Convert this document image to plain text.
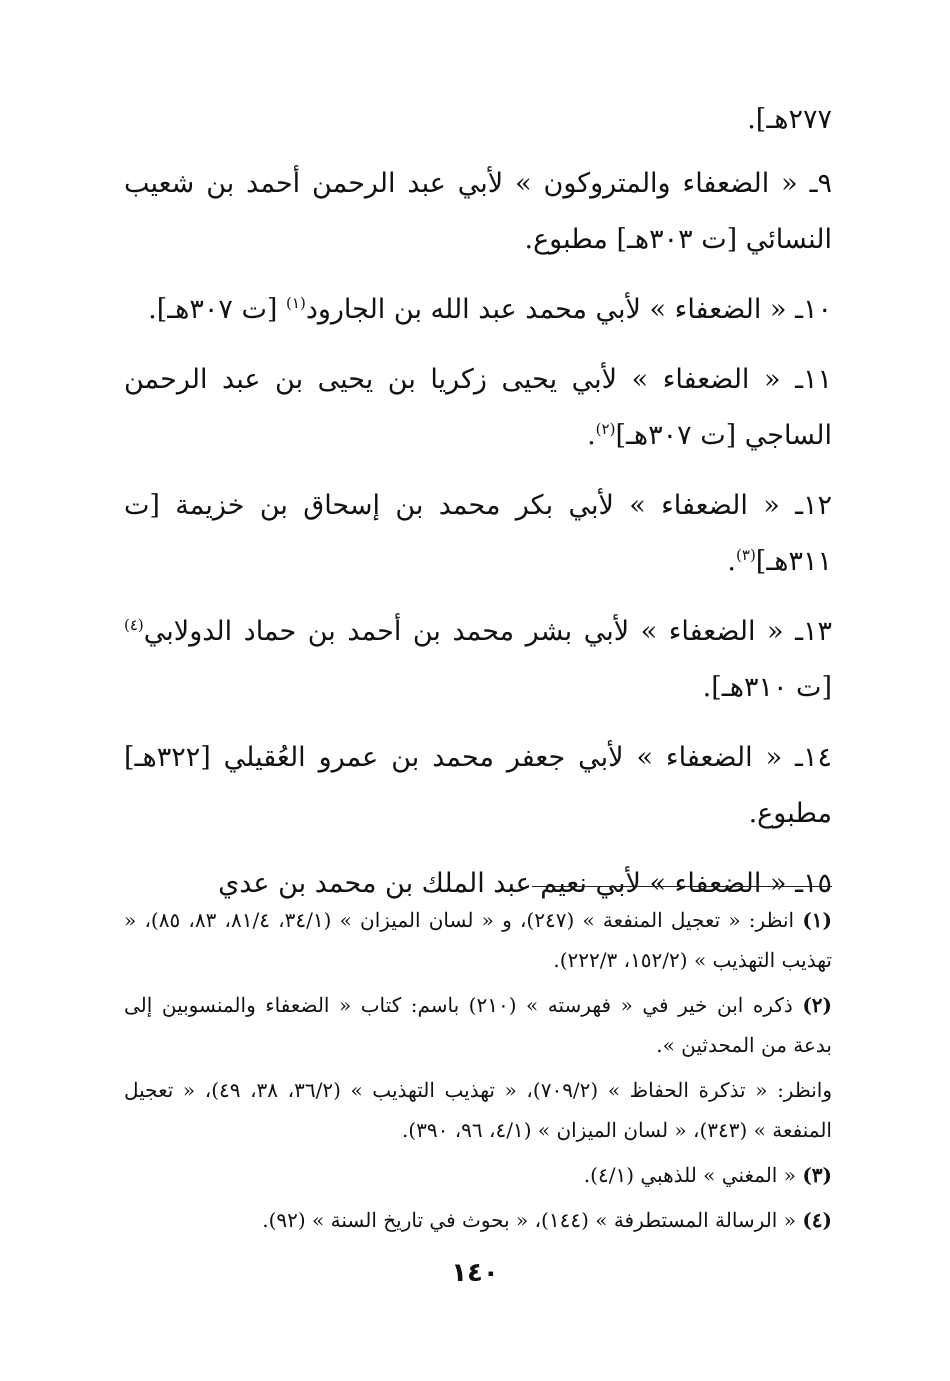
٢٧٧هـ].

٩ـ « الضعفاء والمتروكون » لأبي عبد الرحمن أحمد بن شعيب النسائي [ت ٣٠٣هـ] مطبوع.

١٠ـ « الضعفاء » لأبي محمد عبد الله بن الجارود$^{(١)}$ [ت ٣٠٧هـ].

١١ـ « الضعفاء » لأبي يحيى زكريا بن يحيى بن عبد الرحمن الساجي [ت ٣٠٧هـ]$^{(٢)}$.

١٢ـ « الضعفاء » لأبي بكر محمد بن إسحاق بن خزيمة [ت ٣١١هـ]$^{(٣)}$.

١٣ـ « الضعفاء » لأبي بشر محمد بن أحمد بن حماد الدولابي$^{(٤)}$ [ت ٣١٠هـ].

١٤ـ « الضعفاء » لأبي جعفر محمد بن عمرو العُقيلي [٣٢٢هـ] مطبوع.

١٥ـ « الضعفاء » لأبي نعيم عبد الملك بن محمد بن عدي

(١) انظر: « تعجيل المنفعة » (٢٤٧)، و « لسان الميزان » (٣٤/١، ٨١/٤، ٨٣، ٨٥)، « تهذيب التهذيب » (١٥٢/٢، ٢٢٢/٣).

(٢) ذكره ابن خير في « فهرسته » (٢١٠) باسم: كتاب « الضعفاء والمنسوبين إلى بدعة من المحدثين ».

وانظر: « تذكرة الحفاظ » (٧٠٩/٢)، « تهذيب التهذيب » (٣٦/٢، ٣٨، ٤٩)، « تعجيل المنفعة » (٣٤٣)، « لسان الميزان » (٤/١، ٩٦، ٣٩٠).

(٣) « المغني » للذهبي (٤/١).

(٤) « الرسالة المستطرفة » (١٤٤)، « بحوث في تاريخ السنة » (٩٢).

١٤٠
